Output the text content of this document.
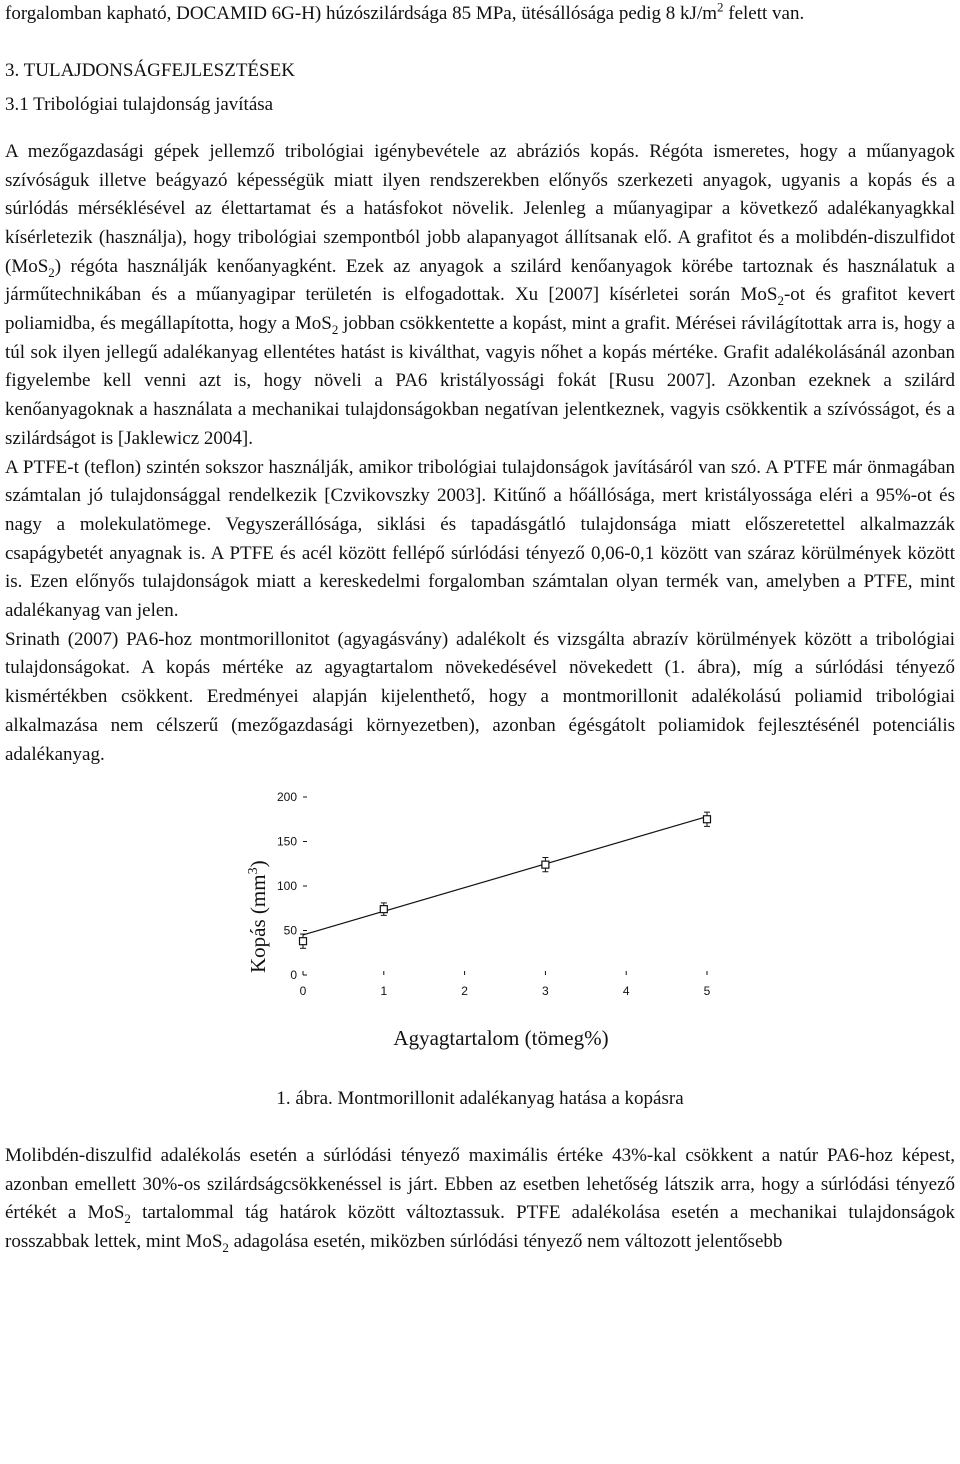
forgalomban kapható, DOCAMID 6G-H) húzószilárdsága 85 MPa, ütésállósága pedig 8 $kJ/m^2$ felett van.

3. TULAJDONSÁGFEJLESZTÉSEK
3.1 Tribológiai tulajdonság javítása

A mezőgazdasági gépek jellemző tribológiai igénybevétele az abráziós kopás. Régóta ismeretes, hogy a műanyagok szívóságuk illetve beágyazó képességük miatt ilyen rendszerekben előnyős szerkezeti anyagok, ugyanis a kopás és a súrlódás mérséklésével az élettartamat és a hatásfokot növelik. Jelenleg a műanyagipar a következő adalékanyagkkal kísérletezik (használja), hogy tribológiai szempontból jobb alapanyagot állítsanak elő. A grafitot és a molibdén-diszulfidot (MoS$_2$) régóta használják kenőanyagként. Ezek az anyagok a szilárd kenőanyagok körébe tartoznak és használatuk a járműtechnikában és a műanyagipar területén is elfogadottak. Xu [2007] kísérletei során MoS$_2$-ot és grafitot kevert poliamidba, és megállapította, hogy a MoS$_2$ jobban csökkentette a kopást, mint a grafit. Mérései rávilágítottak arra is, hogy a túl sok ilyen jellegű adalékanyag ellentétes hatást is kiválthat, vagyis nőhet a kopás mértéke. Grafit adalékolásánál azonban figyelembe kell venni azt is, hogy növeli a PA6 kristályossági fokát [Rusu 2007]. Azonban ezeknek a szilárd kenőanyagoknak a használata a mechanikai tulajdonságokban negatívan jelentkeznek, vagyis csökkentik a szívósságot, és a szilárdságot is [Jaklewicz 2004].

A PTFE-t (teflon) szintén sokszor használják, amikor tribológiai tulajdonságok javításáról van szó. A PTFE már önmagában számtalan jó tulajdonsággal rendelkezik [Czvikovszky 2003]. Kitűnő a hőállósága, mert kristályossága eléri a 95%-ot és nagy a molekulatömege. Vegyszerállósága, siklási és tapadásgátló tulajdonsága miatt előszeretettel alkalmazzák csapágybetét anyagnak is. A PTFE és acél között fellépő súrlódási tényező 0,06-0,1 között van száraz körülmények között is. Ezen előnyős tulajdonságok miatt a kereskedelmi forgalomban számtalan olyan termék van, amelyben a PTFE, mint adalékanyag van jelen.

Srinath (2007) PA6-hoz montmorillonitot (agyagásvány) adalékolt és vizsgálta abrazív körülmények között a tribológiai tulajdonságokat. A kopás mértéke az agyagtartalom növekedésével növekedett (1. ábra), míg a súrlódási tényező kismértékben csökkent. Eredményei alapján kijelenthető, hogy a montmorillonit adalékolású poliamid tribológiai alkalmazása nem célszerű (mezőgazdasági környezetben), azonban égésgátolt poliamidok fejlesztésénél potenciális adalékanyag.

0	1	2	3	4	5
0
50
100
150
200
Kopás $(mm^3)$
Agyagtartalom (tömeg%)
1. ábra. Montmorillonit adalékanyag hatása a kopásra

Molibdén-diszulfid adalékolás esetén a súrlódási tényező maximális értéke 43%-kal csökkent a natúr PA6-hoz képest, azonban emellett 30%-os szilárdságcsökkenéssel is járt. Ebben az esetben lehetőség látszik arra, hogy a súrlódási tényező értékét a MoS$_2$ tartalommal tág határok között változtassuk. PTFE adalékolása esetén a mechanikai tulajdonságok rosszabbak lettek, mint MoS$_2$ adagolása esetén, miközben súrlódási tényező nem változott jelentősebb
